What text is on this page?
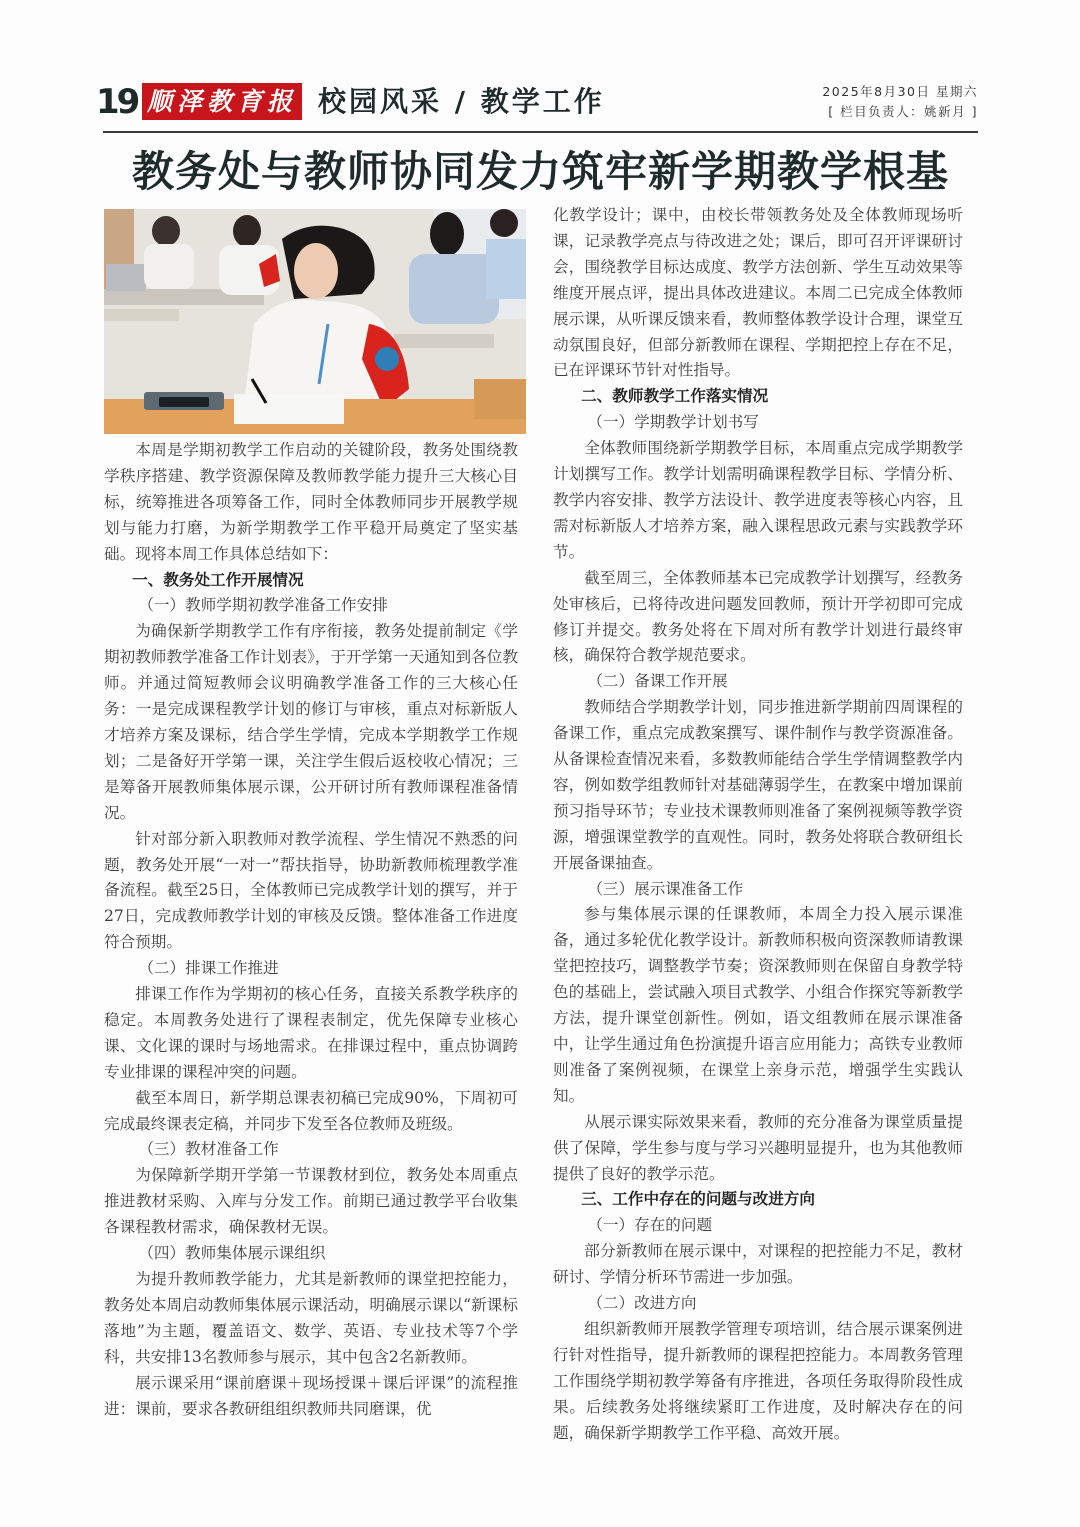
19 顺泽教育报 校园风采 / 教学工作	2025年8月30日 星期六
[ 栏目负责人：姚新月 ]
教务处与教师协同发力筑牢新学期教学根基

本周是学期初教学工作启动的关键阶段，教务处围绕教学秩序搭建、教学资源保障及教师教学能力提升三大核心目标，统筹推进各项筹备工作，同时全体教师同步开展教学规划与能力打磨，为新学期教学工作平稳开局奠定了坚实基础。现将本周工作具体总结如下：

一、教务处工作开展情况
（一）教师学期初教学准备工作安排

为确保新学期教学工作有序衔接，教务处提前制定《学期初教师教学准备工作计划表》，于开学第一天通知到各位教师。并通过简短教师会议明确教学准备工作的三大核心任务：一是完成课程教学计划的修订与审核，重点对标新版人才培养方案及课标，结合学生学情，完成本学期教学工作规划；二是备好开学第一课，关注学生假后返校收心情况；三是筹备开展教师集体展示课，公开研讨所有教师课程准备情况。

针对部分新入职教师对教学流程、学生情况不熟悉的问题，教务处开展“一对一”帮扶指导，协助新教师梳理教学准备流程。截至25日，全体教师已完成教学计划的撰写，并于27日，完成教师教学计划的审核及反馈。整体准备工作进度符合预期。

（二）排课工作推进

排课工作作为学期初的核心任务，直接关系教学秩序的稳定。本周教务处进行了课程表制定，优先保障专业核心课、文化课的课时与场地需求。在排课过程中，重点协调跨专业排课的课程冲突的问题。

截至本周日，新学期总课表初稿已完成90%，下周初可完成最终课表定稿，并同步下发至各位教师及班级。

（三）教材准备工作

为保障新学期开学第一节课教材到位，教务处本周重点推进教材采购、入库与分发工作。前期已通过教学平台收集各课程教材需求，确保教材无误。

（四）教师集体展示课组织

为提升教师教学能力，尤其是新教师的课堂把控能力，教务处本周启动教师集体展示课活动，明确展示课以“新课标落地”为主题，覆盖语文、数学、英语、专业技术等7个学科，共安排13名教师参与展示，其中包含2名新教师。

展示课采用“课前磨课＋现场授课＋课后评课”的流程推进：课前，要求各教研组组织教师共同磨课，优

化教学设计；课中，由校长带领教务处及全体教师现场听课，记录教学亮点与待改进之处；课后，即可召开评课研讨会，围绕教学目标达成度、教学方法创新、学生互动效果等维度开展点评，提出具体改进建议。本周二已完成全体教师展示课，从听课反馈来看，教师整体教学设计合理，课堂互动氛围良好，但部分新教师在课程、学期把控上存在不足，已在评课环节针对性指导。

二、教师教学工作落实情况
（一）学期教学计划书写

全体教师围绕新学期教学目标，本周重点完成学期教学计划撰写工作。教学计划需明确课程教学目标、学情分析、教学内容安排、教学方法设计、教学进度表等核心内容，且需对标新版人才培养方案，融入课程思政元素与实践教学环节。

截至周三，全体教师基本已完成教学计划撰写，经教务处审核后，已将待改进问题发回教师，预计开学初即可完成修订并提交。教务处将在下周对所有教学计划进行最终审核，确保符合教学规范要求。

（二）备课工作开展

教师结合学期教学计划，同步推进新学期前四周课程的备课工作，重点完成教案撰写、课件制作与教学资源准备。从备课检查情况来看，多数教师能结合学生学情调整教学内容，例如数学组教师针对基础薄弱学生，在教案中增加课前预习指导环节；专业技术课教师则准备了案例视频等教学资源，增强课堂教学的直观性。同时，教务处将联合教研组长开展备课抽查。

（三）展示课准备工作

参与集体展示课的任课教师，本周全力投入展示课准备，通过多轮优化教学设计。新教师积极向资深教师请教课堂把控技巧，调整教学节奏；资深教师则在保留自身教学特色的基础上，尝试融入项目式教学、小组合作探究等新教学方法，提升课堂创新性。例如，语文组教师在展示课准备中，让学生通过角色扮演提升语言应用能力；高铁专业教师则准备了案例视频，在课堂上亲身示范，增强学生实践认知。

从展示课实际效果来看，教师的充分准备为课堂质量提供了保障，学生参与度与学习兴趣明显提升，也为其他教师提供了良好的教学示范。

三、工作中存在的问题与改进方向
（一）存在的问题

部分新教师在展示课中，对课程的把控能力不足，教材研讨、学情分析环节需进一步加强。

（二）改进方向

组织新教师开展教学管理专项培训，结合展示课案例进行针对性指导，提升新教师的课程把控能力。本周教务管理工作围绕学期初教学筹备有序推进，各项任务取得阶段性成果。后续教务处将继续紧盯工作进度，及时解决存在的问题，确保新学期教学工作平稳、高效开展。
